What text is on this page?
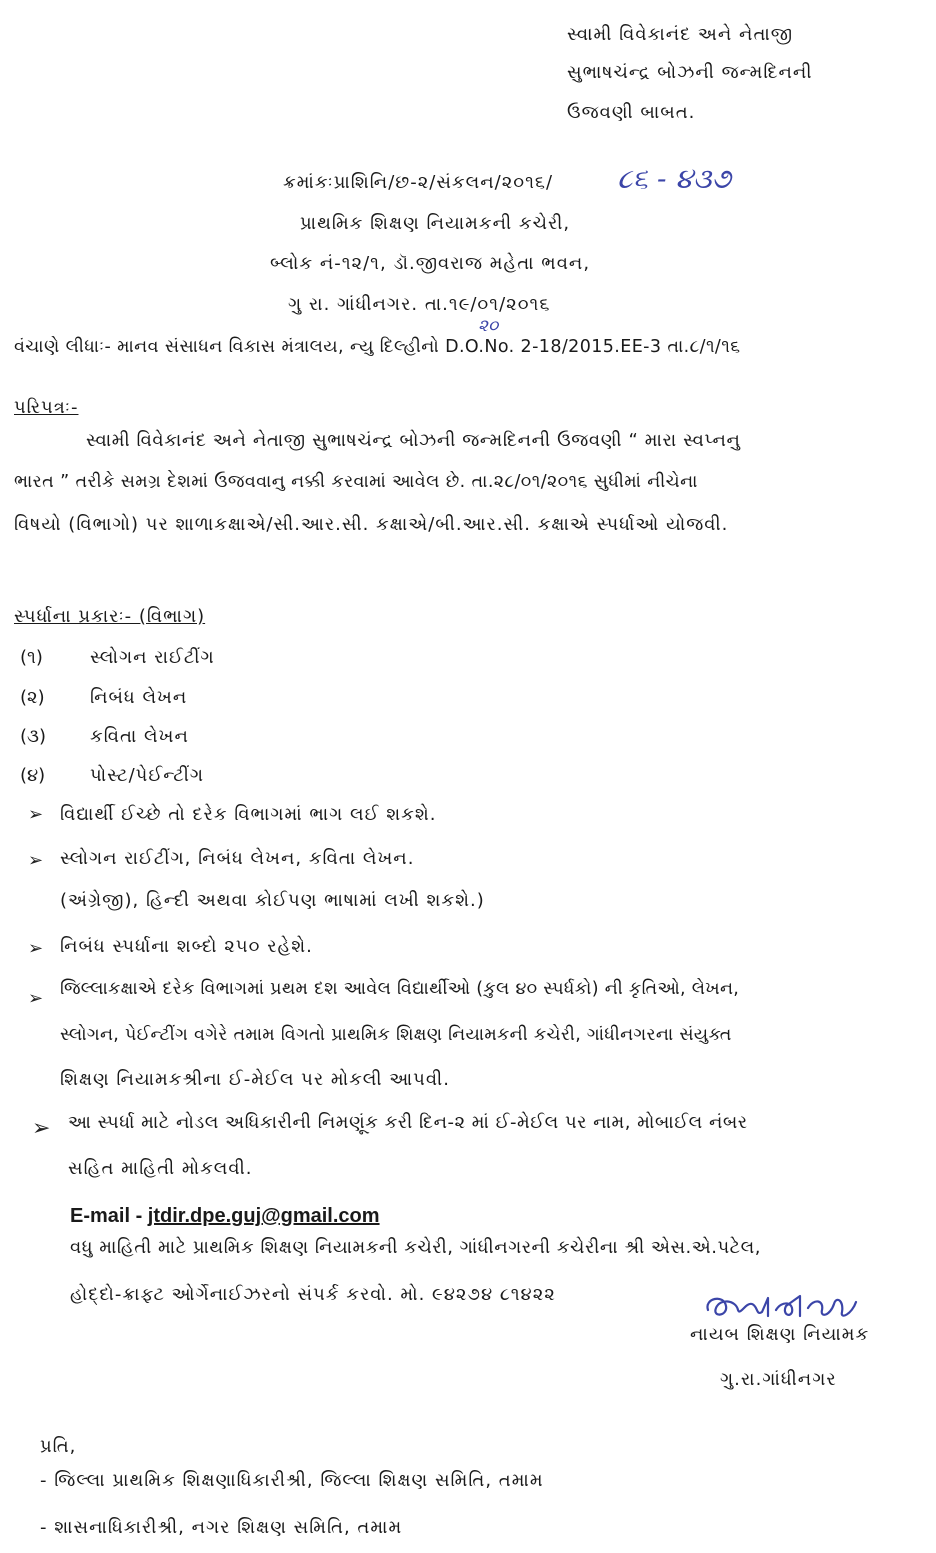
સ્વામી વિવેકાનંદ અને નેતાજી
સુભાષચંન્દ્ર બોઝની જન્મદિનની
ઉજવણી બાબત.
ક્રમાંકઃપ્રાશિનિ/છ-૨/સંકલન/૨૦૧૬/ ૮૬ - ૪૩૭
પ્રાથમિક શિક્ષણ નિયામકની કચેરી,
બ્લોક નં-૧૨/૧, ડૉ.જીવરાજ મહેતા ભવન,
ગુ રા. ગાંધીનગર. તા.૧૯/૦૧/૨૦૧૬
૨૦
વંચાણે લીધાઃ- માનવ સંસાધન વિકાસ મંત્રાલય, ન્યુ દિલ્હીનો D.O.No. 2-18/2015.EE-3 તા.૮/૧/૧૬
પરિપત્રઃ-
સ્વામી વિવેકાનંદ અને નેતાજી સુભાષચંન્દ્ર બોઝની જન્મદિનની ઉજવણી “ મારા સ્વપ્નનુ
ભારત ” તરીકે સમગ્ર દેશમાં ઉજવવાનુ નક્કી કરવામાં આવેલ છે. તા.૨૮/૦૧/૨૦૧૬ સુધીમાં નીચેના
વિષયો (વિભાગો) પર શાળાકક્ષાએ/સી.આર.સી. કક્ષાએ/બી.આર.સી. કક્ષાએ સ્પર્ધાઓ યોજવી.
સ્પર્ધાના પ્રકારઃ- (વિભાગ)
(૧)	સ્લોગન રાઈટીંગ
(૨)	નિબંધ લેખન
(૩) કવિતા લેખન
(૪) પોસ્ટ/પેઈન્ટીંગ
➢ વિદ્યાર્થી ઈચ્છે તો દરેક વિભાગમાં ભાગ લઈ શકશે.
➢ સ્લોગન રાઈટીંગ, નિબંધ લેખન, કવિતા લેખન.
(અંગ્રેજી), હિન્દી અથવા કોઈપણ ભાષામાં લખી શકશે.)
➢ નિબંધ સ્પર્ધાના શબ્દો ૨૫૦ રહેશે.
➢ જિલ્લાકક્ષાએ દરેક વિભાગમાં પ્રથમ દશ આવેલ વિદ્યાર્થીઓ (કુલ ૪૦ સ્પર્ધકો) ની કૃતિઓ, લેખન,
સ્લોગન, પેઈન્ટીંગ વગેરે તમામ વિગતો પ્રાથમિક શિક્ષણ નિયામકની કચેરી, ગાંધીનગરના સંયુક્ત
શિક્ષણ નિયામકશ્રીના ઈ-મેઈલ પર મોકલી આપવી.
➢ આ સ્પર્ધા માટે નોડલ અધિકારીની નિમણૂંક કરી દિન-૨ માં ઈ-મેઈલ પર નામ, મોબાઈલ નંબર
સહિત માહિતી મોકલવી.
E-mail - jtdir.dpe.guj@gmail.com
વધુ માહિતી માટે પ્રાથમિક શિક્ષણ નિયામકની કચેરી, ગાંધીનગરની કચેરીના શ્રી એસ.એ.પટેલ,
હોદ્દો-ક્રાફ્ટ ઓર્ગેનાઈઝરનો સંપર્ક કરવો. મો. ૯૪૨૭૪ ૮૧૪૨૨
નાયબ શિક્ષણ નિયામક
ગુ.રા.ગાંધીનગર
પ્રતિ,
- જિલ્લા પ્રાથમિક શિક્ષણાધિકારીશ્રી, જિલ્લા શિક્ષણ સમિતિ, તમામ
- શાસનાધિકારીશ્રી, નગર શિક્ષણ સમિતિ, તમામ
